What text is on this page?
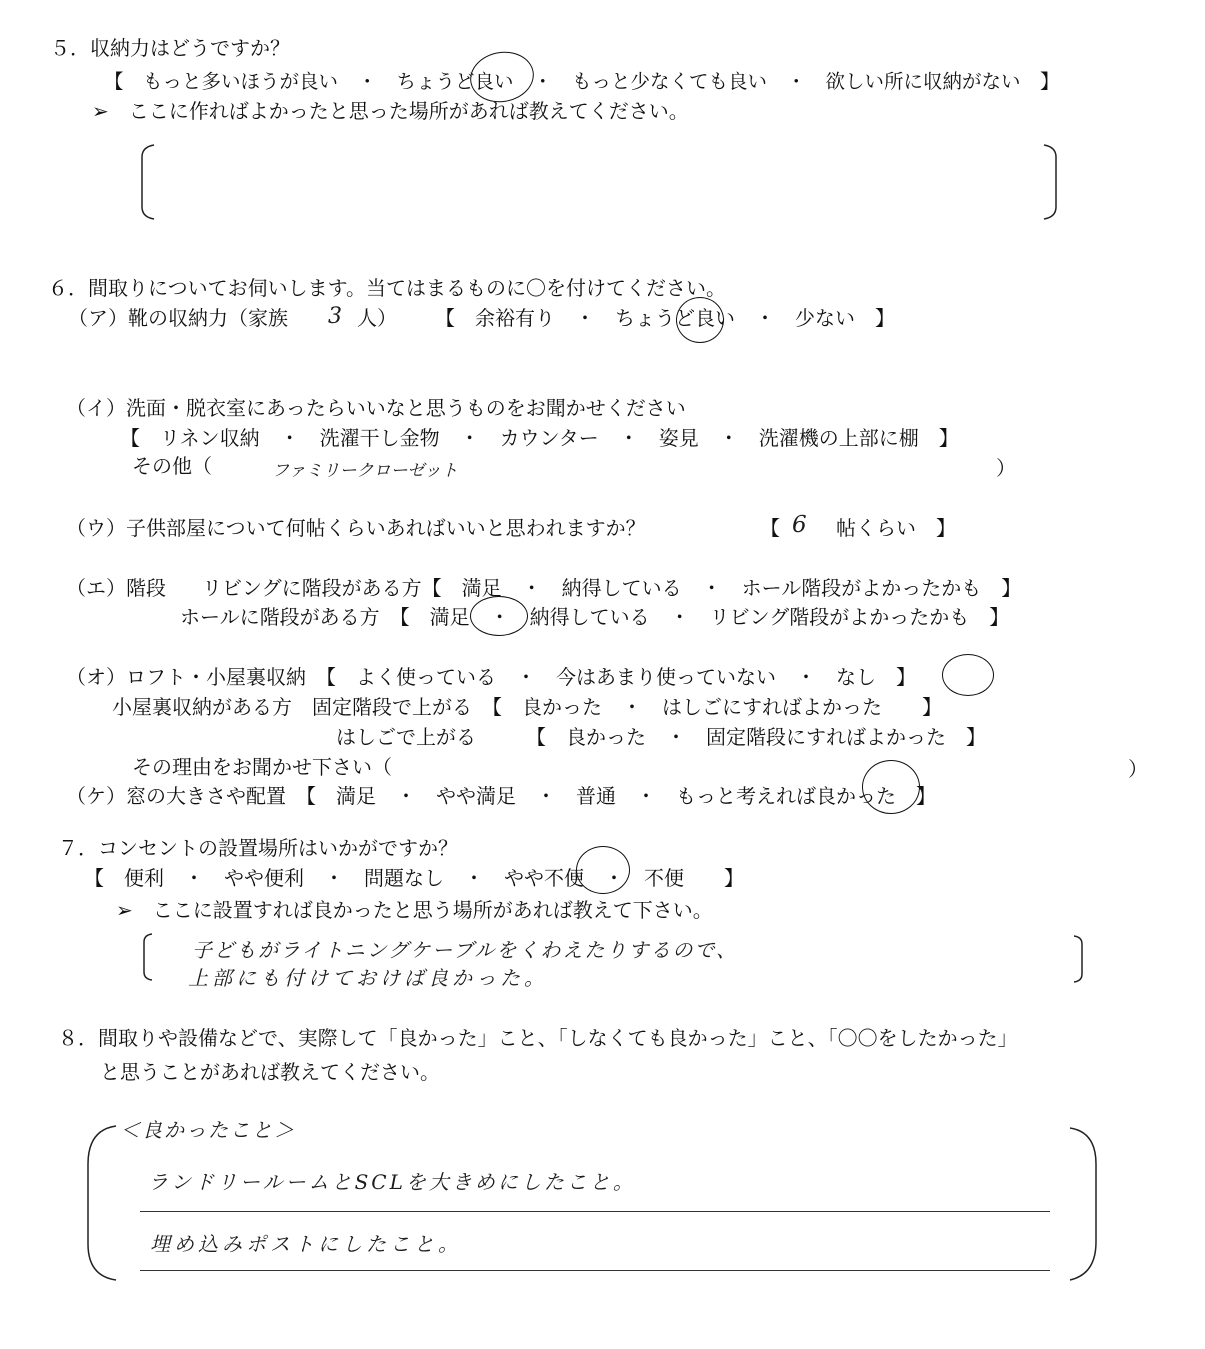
５．収納力はどうですか？
【　もっと多いほうが良い　・　ちょうど良い　・　もっと少なくても良い　・　欲しい所に収納がない　】
➢　ここに作ればよかったと思った場所があれば教えてください。
６．間取りについてお伺いします。当てはまるものに〇を付けてください。
（ア）靴の収納力（家族 3 人） 【　余裕有り　・　ちょうど良い　・　少ない　】
（イ）洗面・脱衣室にあったらいいなと思うものをお聞かせください
【　リネン収納　・　洗濯干し金物　・　カウンター　・　姿見　・　洗濯機の上部に棚　】
その他（	ファミリークローゼット	）
（ウ）子供部屋について何帖くらいあればいいと思われますか？	【 6 帖くらい　】
（エ）階段 リビングに階段がある方【　満足　・　納得している　・　ホール階段がよかったかも　】
ホールに階段がある方　【　満足　・　納得している　・　リビング階段がよかったかも　】
（オ）ロフト・小屋裏収納　【　よく使っている　・　今はあまり使っていない　・　なし　】
小屋裏収納がある方　固定階段で上がる　【　良かった　・　はしごにすればよかった　　】
はしごで上がる　　　【　良かった　・　固定階段にすればよかった　】
その理由をお聞かせ下さい（	）
（ケ）窓の大きさや配置　【　満足　・　やや満足　・　普通　・　もっと考えれば良かった　】
７．コンセントの設置場所はいかがですか？
【　便利　・　やや便利　・　問題なし　・　やや不便　・　不便　　】
➢　ここに設置すれば良かったと思う場所があれば教えて下さい。
子どもがライトニングケーブルをくわえたりするので、
上部にも付けておけば良かった。
８．間取りや設備などで、実際して「良かった」こと、「しなくても良かった」こと、「〇〇をしたかった」
と思うことがあれば教えてください。
＜良かったこと＞
ランドリールームとSCLを大きめにしたこと。
埋め込みポストにしたこと。
